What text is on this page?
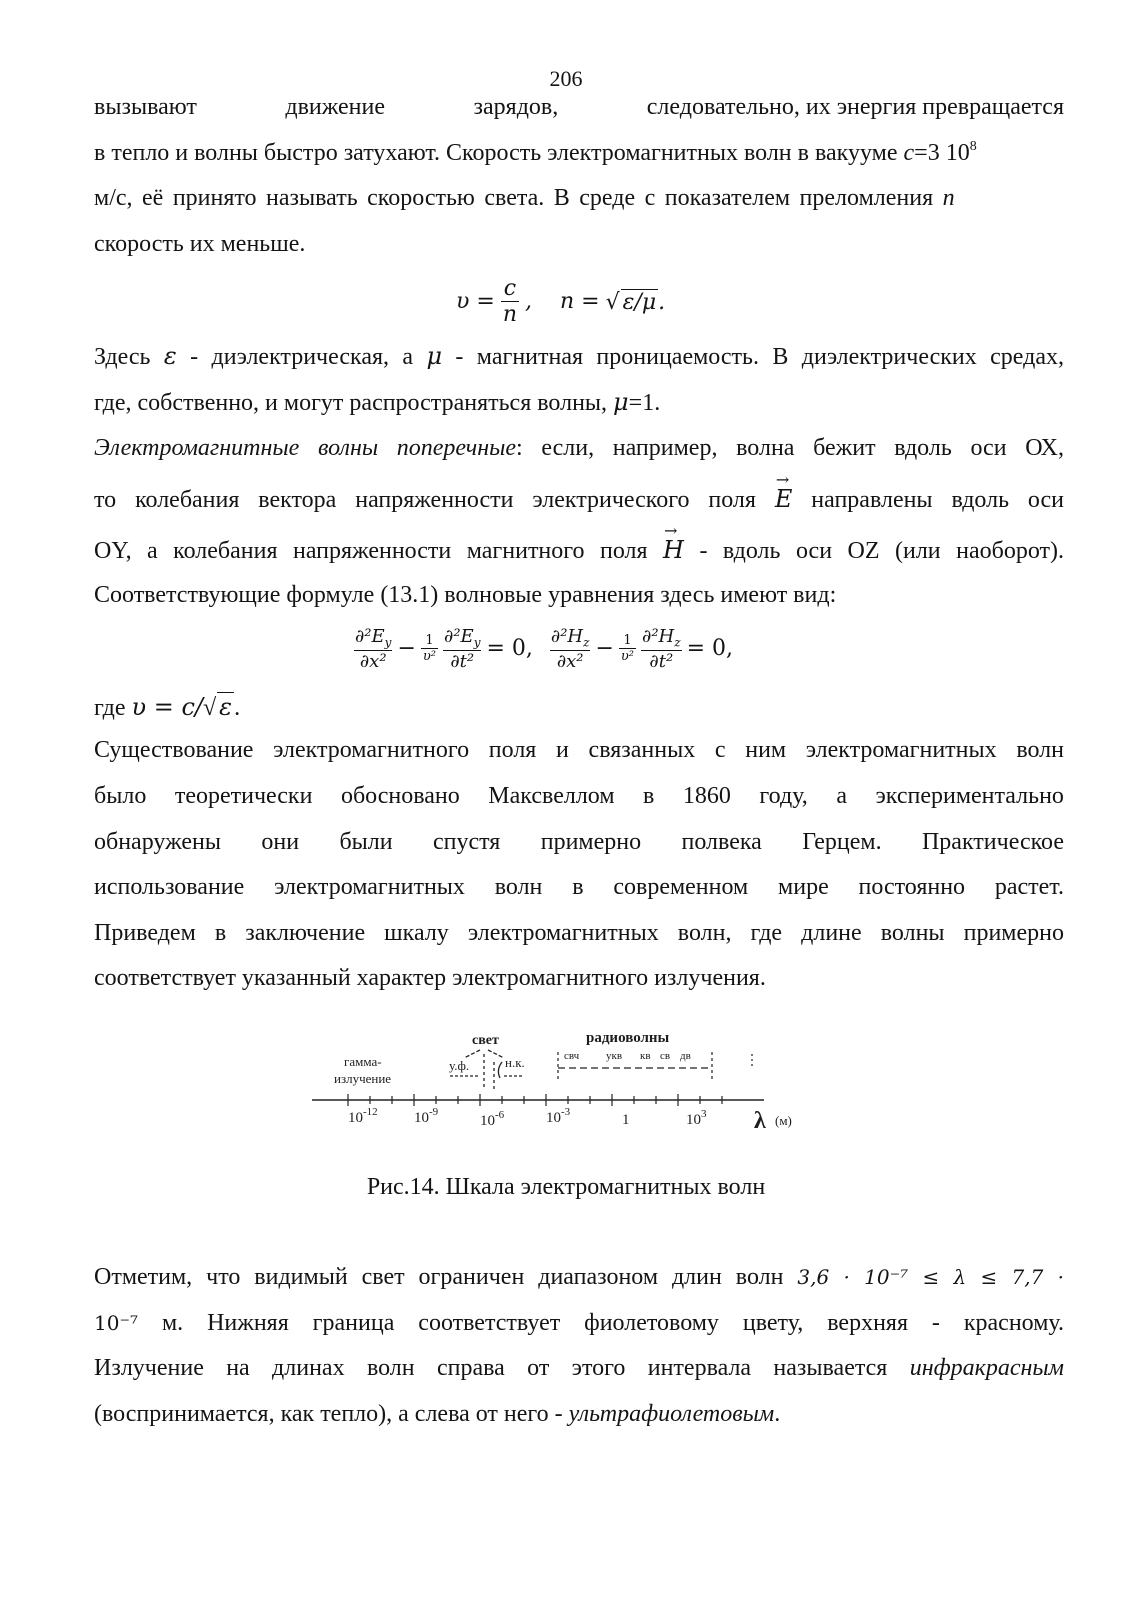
206
вызывают	движение	зарядов,	следовательно, их энергия превращается
в тепло и волны быстро затухают. Скорость электромагнитных волн в вакууме c=3 $10^8$
м/с, её принято называть скоростью света. В среде с показателем преломления n
скорость их меньше.
$\upsilon = \frac{c}{n}$ , n = √ ε/μ.
Здесь ε - диэлектрическая, а μ - магнитная проницаемость. В диэлектрических средах,
где, собственно, и могут распространяться волны, μ=1.
Электромагнитные волны поперечные: если, например, волна бежит вдоль оси ОХ,
то колебания вектора напряженности электрического поля → E направлены вдоль оси
OY, а колебания напряженности магнитного поля → H - вдоль оси OZ (или наоборот).
Соответствующие формуле (13.1) волновые уравнения здесь имеют вид:
$\frac{\partial^2E_y}{\text{∂x²}} - \frac{1}{\text{υ²}} \frac{\partial^2E_y}{\text{∂t²}} = 0$, $\frac{\partial^2H_z}{\text{∂x²}} - \frac{1}{\text{υ²}} \frac{\partial^2H_z}{\text{∂t²}} = 0$,
где υ = c/√ ε.
Существование электромагнитного поля и связанных с ним электромагнитных волн
было теоретически обосновано Максвеллом в 1860 году, а экспериментально
обнаружены они были спустя примерно полвека Герцем. Практическое
использование электромагнитных волн в современном мире постоянно растет.
Приведем в заключение шкалу электромагнитных волн, где длине волны примерно
соответствует указанный характер электромагнитного излучения.
свет	радиоволны
гамма-
излучение
у.ф.	н.к.	свч укв кв св дв
$10^{-12}$ $10^{-9}$
$10^{-6}$	$10^{-3}$	1	$10^3$ λ (м)
Рис.14. Шкала электромагнитных волн
Отметим, что видимый свет ограничен диапазоном длин волн 3,6 · 10⁻⁷ ≤ λ ≤ 7,7 ·
10⁻⁷ м. Нижняя граница соответствует фиолетовому цвету, верхняя - красному.
Излучение на длинах волн справа от этого интервала называется инфракрасным
(воспринимается, как тепло), а слева от него - ультрафиолетовым.
